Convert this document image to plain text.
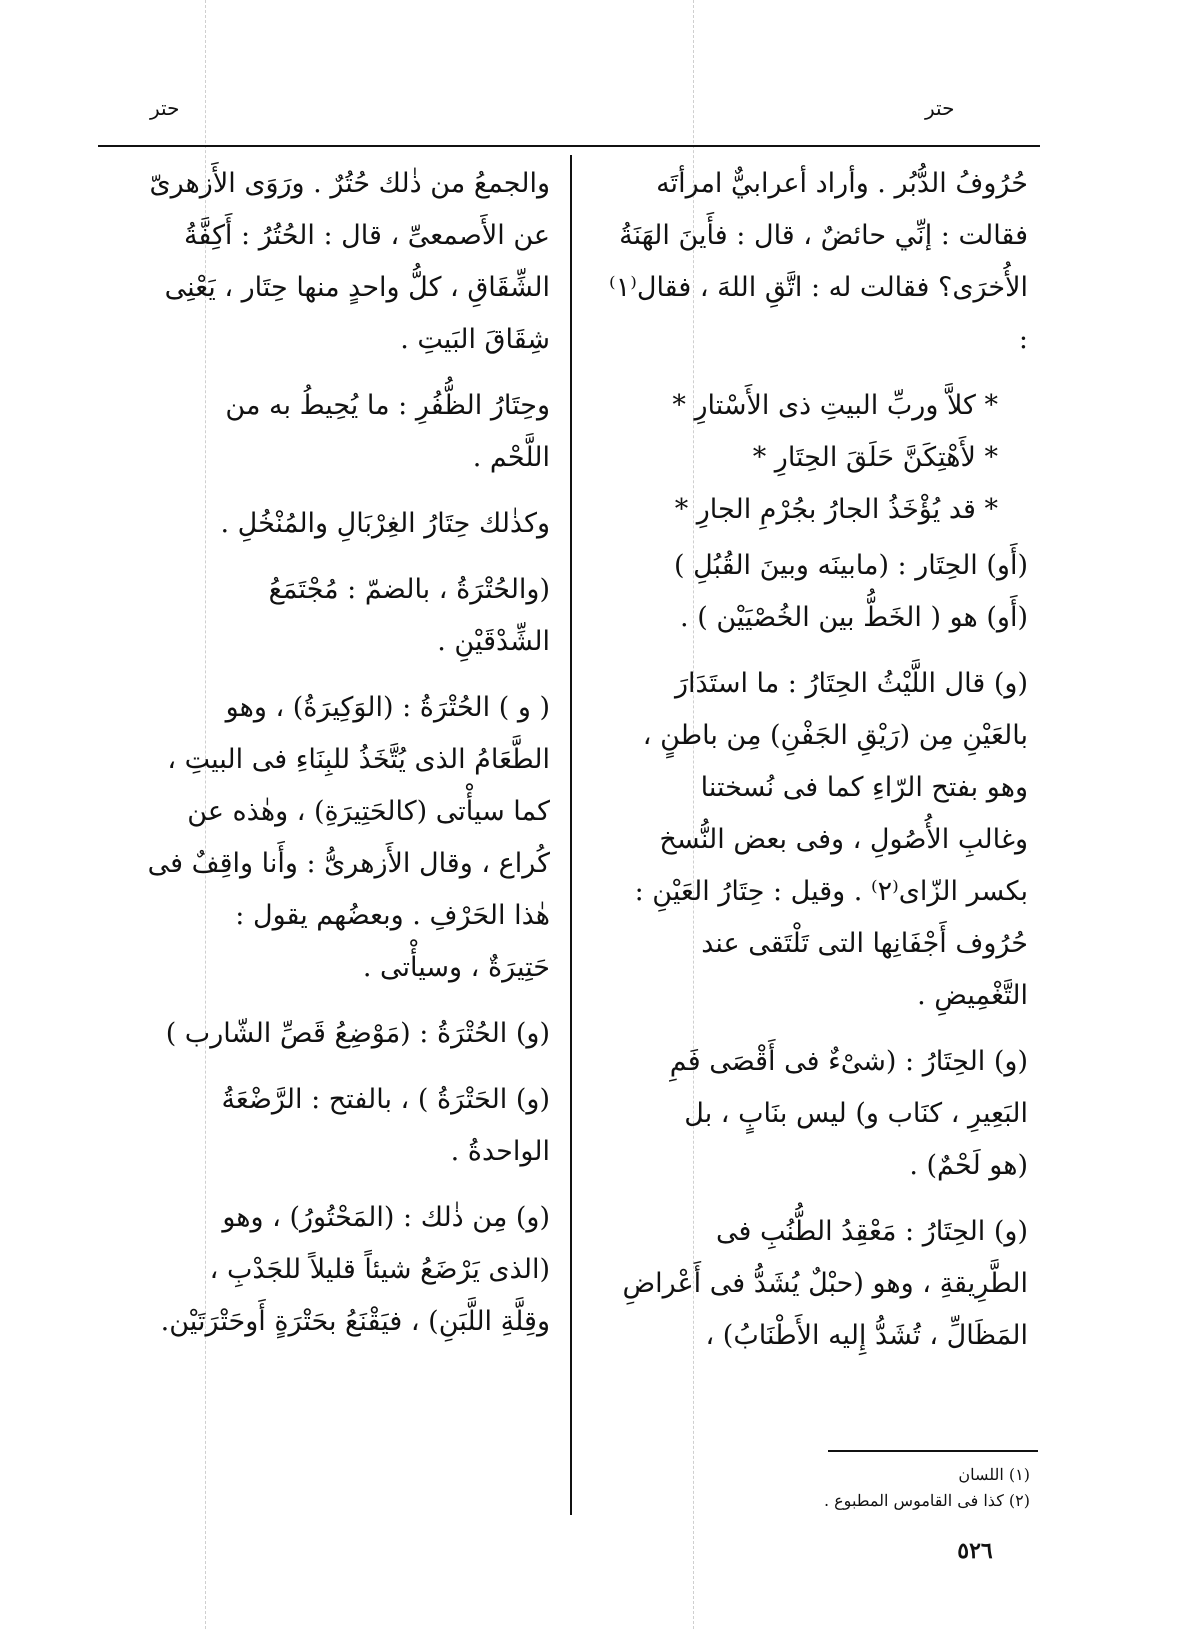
حتر	حتر

حُرُوفُ الدُّبُر . وأراد أعرابيٌّ امرأتَه

فقالت : إنِّي حائضٌ ، قال : فأَينَ الهَنَةُ

الأُخرَى؟ فقالت له : اتَّقِ اللهَ ، فقال⁽١⁾ :

* كلاَّ وربِّ البيتِ ذى الأَسْتارِ *

* لأَهْتِكَنَّ حَلَقَ الحِتَارِ *

* قد يُؤْخَذُ الجارُ بجُرْمِ الجارِ *

(أَو) الحِتَار : (مابينَه وبينَ القُبُلِ )

(أَو) هو ( الخَطُّ بين الخُصْيَيْن ) .

(و) قال اللَّيْثُ الحِتَارُ : ما استَدَارَ

بالعَيْنِ مِن (رَيْقِ الجَفْنِ) مِن باطنٍ ،

وهو بفتح الرّاءِ كما فى نُسختنا

وغالبِ الأُصُولِ ، وفى بعض النُّسخ

بكسر الزّاى⁽٢⁾ . وقيل : حِتَارُ العَيْنِ :

حُرُوف أَجْفَانِها التى تَلْتَقى عند

التَّغْمِيضِ .

(و) الحِتَارُ : (شىْءٌ فى أَقْصَى فَمِ

البَعِيرِ ، كنَاب و) ليس بنَابٍ ، بل

(هو لَحْمٌ) .

(و) الحِتَارُ : مَعْقِدُ الطُّنُبِ فى

الطَّرِيقةِ ، وهو (حبْلٌ يُشَدُّ فى أَعْراضِ

المَظَالِّ ، تُشَدُّ إِليه الأَطْنَابُ) ،

والجمعُ من ذٰلك حُتُرٌ . ورَوَى الأَزهرىّ

عن الأَصمعىِّ ، قال : الحُتُرُ : أَكِفَّةُ

الشِّقَاقِ ، كلُّ واحدٍ منها حِتَار ، يَعْنِى

شِقَاقَ البَيتِ .

وحِتَارُ الظُّفُرِ : ما يُحِيطُ به من

اللَّحْم .

وكذٰلك حِتَارُ الغِرْبَالِ والمُنْخُلِ .

(والحُتْرَةُ ، بالضمّ : مُجْتَمَعُ

الشِّدْقَيْنِ .

( و ) الحُتْرَةُ : (الوَكِيرَةُ) ، وهو

الطَّعَامُ الذى يُتَّخَذُ للبِنَاءِ فى البيتِ ،

كما سيأْتى (كالحَتِيرَةِ) ، وهٰذه عن

كُراع ، وقال الأَزهرىُّ : وأَنا واقِفٌ فى

هٰذا الحَرْفِ . وبعضُهم يقول :

حَتِيرَةٌ ، وسيأْتى .

(و) الحُتْرَةُ : (مَوْضِعُ قَصِّ الشّارب )

(و) الحَتْرَةُ ) ، بالفتح : الرَّضْعَةُ

الواحدةُ .

(و) مِن ذٰلك : (المَحْتُورُ) ، وهو

(الذى يَرْضَعُ شيئاً قليلاً للجَدْبِ ،

وقِلَّةِ اللَّبَنِ) ، فيَقْنَعُ بحَتْرَةٍ أَوحَتْرَتَيْن.

(١) اللسان

(٢) كذا فى القاموس المطبوع .

٥٢٦
